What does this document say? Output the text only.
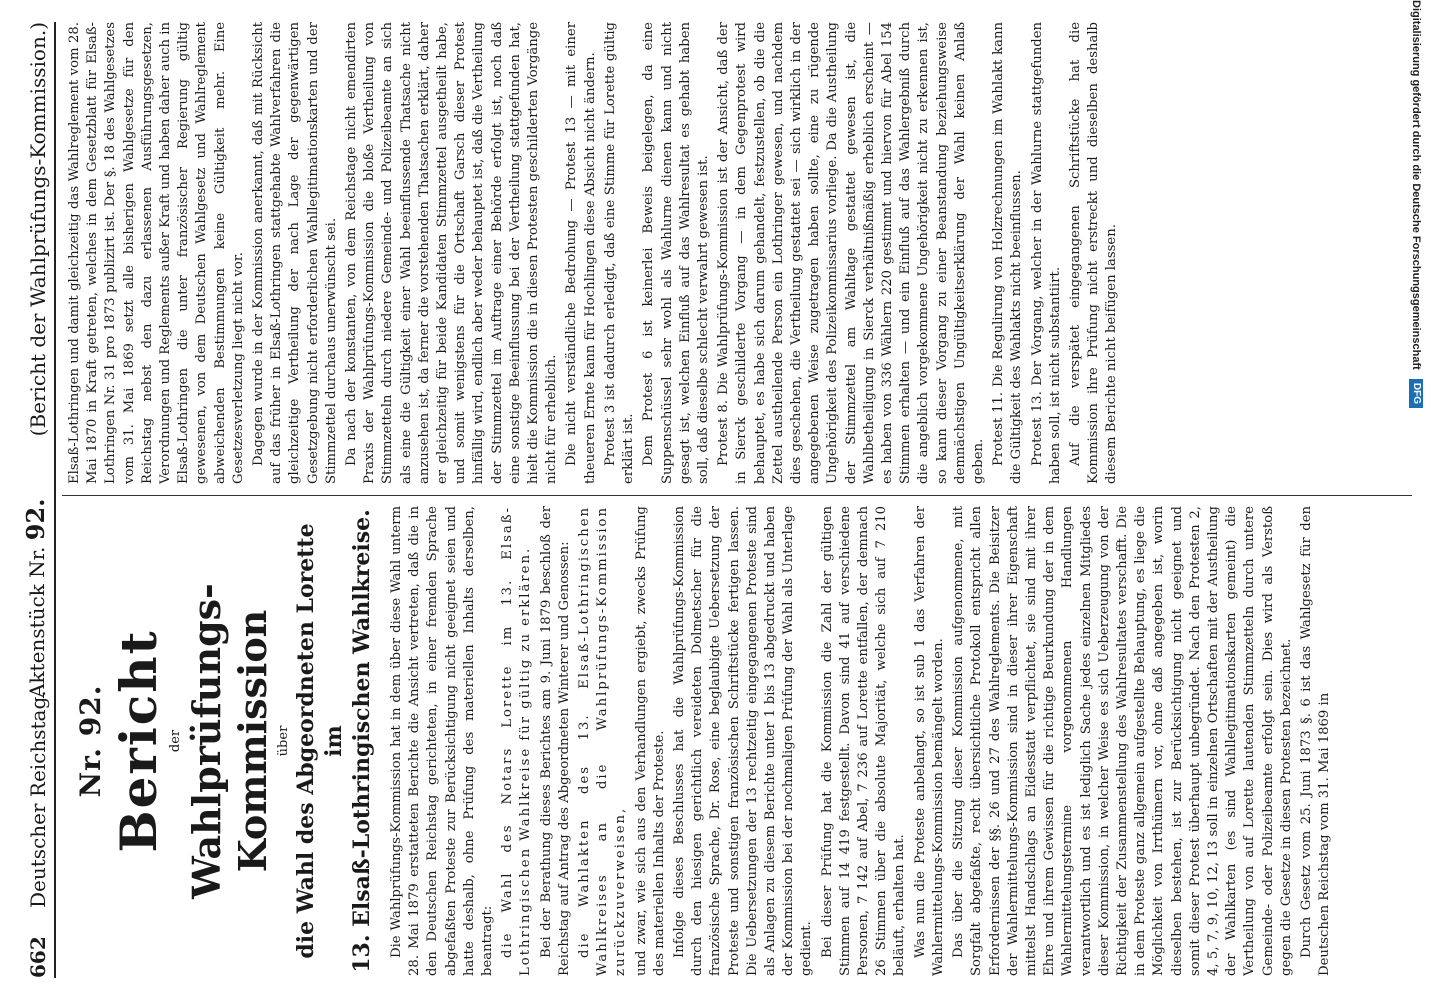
662
Deutscher Reichstag.
Aktenstück Nr. 92.
(Bericht der Wahlprüfungs-Kommission.)
Nr. 92. Bericht der Wahlprüfungs-Kommission über die Wahl des Abgeordneten Lorette im 13. Elsaß-Lothringischen Wahlkreise. Die Wahlprüfungs-Kommission hat in dem über diese Wahl unterm 28. Mai 1879 erstatteten Berichte die Ansicht vertreten, daß die in den Deutschen Reichstag gerichteten, in einer fremden Sprache abgefaßten Proteste zur Berücksichtigung nicht geeignet seien und hatte deshalb, ohne Prüfung des materiellen Inhalts derselben, beantragt: die Wahl des Notars Lorette im 13. Elsaß-Lothringischen Wahlkreise für gültig zu erklären. Bei der Berathung dieses Berichtes am 9. Juni 1879 beschloß der Reichstag auf Antrag des Abgeordneten Winterer und Genossen: die Wahlakten des 13. Elsaß-Lothringischen Wahlkreises an die Wahlprüfungs-Kommission zurückzuverweisen, und zwar, wie sich aus den Verhandlungen ergiebt, zwecks Prüfung des materiellen Inhalts der Proteste. Infolge dieses Beschlusses hat die Wahlprüfungs-Kommission durch den hiesigen gerichtlich vereideten Dolmetscher für die französische Sprache, Dr. Rose, eine beglaubigte Uebersetzung der Proteste und sonstigen französischen Schriftstücke fertigen lassen. Die Uebersetzungen der 13 rechtzeitig eingegangenen Proteste sind als Anlagen zu diesem Berichte unter 1 bis 13 abgedruckt und haben der Kommission bei der nochmaligen Prüfung der Wahl als Unterlage gedient. Bei dieser Prüfung hat die Kommission die Zahl der gültigen Stimmen auf 14 419 festgestellt. Davon sind 41 auf verschiedene Personen, 7 142 auf Abel, 7 236 auf Lorette entfallen, der demnach 26 Stimmen über die absolute Majorität, welche sich auf 7 210 beläuft, erhalten hat. Was nun die Proteste anbelangt, so ist sub 1 das Verfahren der Wahlermittelungs-Kommission bemängelt worden. Das über die Sitzung dieser Kommission aufgenommene, mit Sorgfalt abgefaßte, recht übersichtliche Protokoll entspricht allen Erfordernissen der §§. 26 und 27 des Wahlreglements. Die Beisitzer der Wahlermittelungs-Kommission sind in dieser ihrer Eigenschaft mittelst Handschlags an Eidesstatt verpflichtet, sie sind mit ihrer Ehre und ihrem Gewissen für die richtige Beurkundung der in dem Wahlermittelungstermine vorgenommenen Handlungen verantwortlich und es ist lediglich Sache jedes einzelnen Mitgliedes dieser Kommission, in welcher Weise es sich Ueberzeugung von der Richtigkeit der Zusammenstellung des Wahlresultates verschafft. Die in dem Proteste ganz allgemein aufgestellte Behauptung, es liege die Möglichkeit von Irrthümern vor, ohne daß angegeben ist, worin dieselben bestehen, ist zur Berücksichtigung nicht geeignet und somit dieser Protest überhaupt unbegründet. Nach den Protesten 2, 4, 5, 7, 9, 10, 12, 13 soll in einzelnen Ortschaften mit der Austheilung der Wahlkarten (es sind Wahllegitimationskarten gemeint) die Vertheilung von auf Lorette lautenden Stimmzetteln durch untere Gemeinde- oder Polizeibeamte erfolgt sein. Dies wird als Verstoß gegen die Gesetze in diesen Protesten bezeichnet. Durch Gesetz vom 25. Juni 1873 §. 6 ist das Wahlgesetz für den Deutschen Reichstag vom 31. Mai 1869 in

Elsaß-Lothringen und damit gleichzeitig das Wahlreglement vom 28. Mai 1870 in Kraft getreten, welches in dem Gesetzblatt für Elsaß-Lothringen Nr. 31 pro 1873 publizirt ist. Der §. 18 des Wahlgesetzes vom 31. Mai 1869 setzt alle bisherigen Wahlgesetze für den Reichstag nebst den dazu erlassenen Ausführungsgesetzen, Verordnungen und Reglements außer Kraft und haben daher auch in Elsaß-Lothringen die unter französischer Regierung gültig gewesenen, von dem Deutschen Wahlgesetz und Wahlreglement abweichenden Bestimmungen keine Gültigkeit mehr. Eine Gesetzesverletzung liegt nicht vor. Dagegen wurde in der Kommission anerkannt, daß mit Rücksicht auf das früher in Elsaß-Lothringen stattgehabte Wahlverfahren die gleichzeitige Vertheilung der nach Lage der gegenwärtigen Gesetzgebung nicht erforderlichen Wahllegitimationskarten und der Stimmzettel durchaus unerwünscht sei. Da nach der konstanten, von dem Reichstage nicht emendirten Praxis der Wahlprüfungs-Kommission die bloße Vertheilung von Stimmzetteln durch niedere Gemeinde- und Polizeibeamte an sich als eine die Gültigkeit einer Wahl beeinflussende Thatsache nicht anzusehen ist, da ferner die vorstehenden Thatsachen erklärt, daher er gleichzeitig für beide Kandidaten Stimmzettel ausgetheilt habe, und somit wenigstens für die Ortschaft Garsch dieser Protest hinfällig wird, endlich aber weder behauptet ist, daß die Vertheilung der Stimmzettel im Auftrage einer Behörde erfolgt ist, noch daß eine sonstige Beeinflussung bei der Vertheilung stattgefunden hat, hielt die Kommission die in diesen Protesten geschilderten Vorgänge nicht für erheblich. Die nicht verständliche Bedrohung — Protest 13 — mit einer theueren Ernte kann für Hochlingen diese Absicht nicht ändern. Protest 3 ist dadurch erledigt, daß eine Stimme für Lorette gültig erklärt ist. Dem Protest 6 ist keinerlei Beweis beigelegen, da eine Suppenschüssel sehr wohl als Wahlurne dienen kann und nicht gesagt ist, welchen Einfluß auf das Wahlresultat es gehabt haben soll, daß dieselbe schlecht verwahrt gewesen ist. Protest 8. Die Wahlprüfungs-Kommission ist der Ansicht, daß der in Sierck geschilderte Vorgang — in dem Gegenprotest wird behauptet, es habe sich darum gehandelt, festzustellen, ob die die Zettel austheilende Person ein Lothringer gewesen, und nachdem dies geschehen, die Vertheilung gestattet sei — sich wirklich in der angegebenen Weise zugetragen haben sollte, eine zu rügende Ungehörigkeit des Polizeikommissarius vorliege. Da die Austheilung der Stimmzettel am Wahltage gestattet gewesen ist, die Wahlbetheiligung in Sierck verhältnißmäßig erheblich erscheint — es haben von 336 Wählern 220 gestimmt und hiervon für Abel 154 Stimmen erhalten — und ein Einfluß auf das Wahlergebniß durch die angeblich vorgekommene Ungehörigkeit nicht zu erkennen ist, so kann dieser Vorgang zu einer Beanstandung beziehungsweise demnächstigen Ungültigkeitserklärung der Wahl keinen Anlaß geben. Protest 11. Die Regulirung von Holzrechnungen im Wahlakt kann die Gültigkeit des Wahlakts nicht beeinflussen. Protest 13. Der Vorgang, welcher in der Wahlurne stattgefunden haben soll, ist nicht substantiirt. Auf die verspätet eingegangenen Schriftstücke hat die Kommission ihre Prüfung nicht erstreckt und dieselben deshalb diesem Berichte nicht beifügen lassen.	Digitalisierung gefördert durch die Deutsche Forschungsgemeinschaft DFG
